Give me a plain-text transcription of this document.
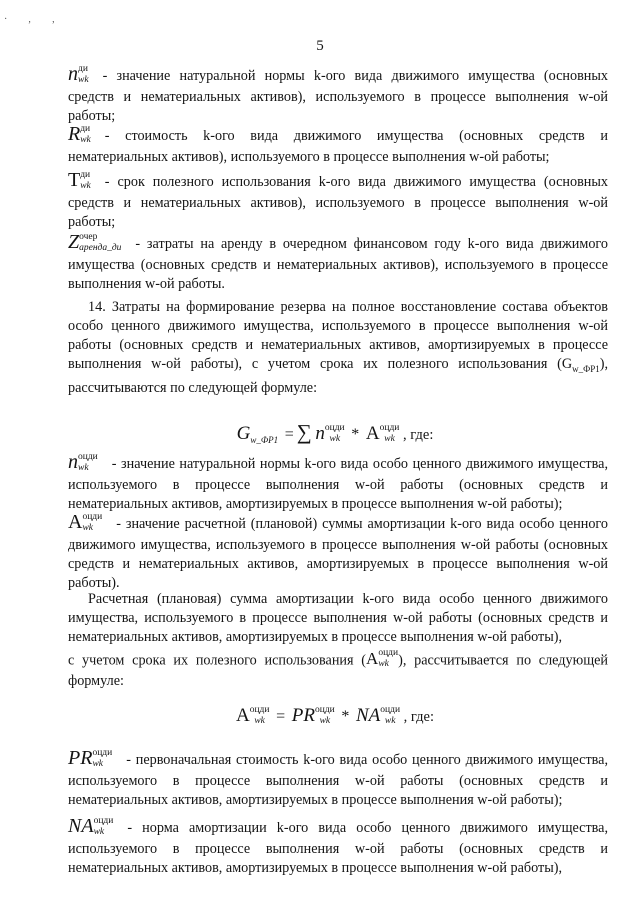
· ‚ ‚
5
n ди
wk - значение натуральной нормы k-ого вида движимого имущества (основных средств и нематериальных активов), используемого в процессе выполнения w-ой работы;
R ди
wk - стоимость k-ого вида движимого имущества (основных средств и нематериальных активов), используемого в процессе выполнения w-ой работы;
T ди
wk - срок полезного использования k-ого вида движимого имущества (основных средств и нематериальных активов), используемого в процессе выполнения w-ой работы;
Z очер
аренда_ди - затраты на аренду в очередном финансовом году k-ого вида движимого имущества (основных средств и нематериальных активов), используемого в процессе выполнения w-ой работы.
14. Затраты на формирование резерва на полное восстановление состава объектов особо ценного движимого имущества, используемого в процессе выполнения w-ой работы (основных средств и нематериальных активов, амортизируемых в процессе выполнения w-ой работы), с учетом срока их полезного использования $(G_{w\_ФР1})$, рассчитываются по следующей формуле:
$G_{w\_ФР1}$ = ∑ n оцди
wk * A оцди
wk , где:
n оцди
wk	- значение натуральной нормы k-ого вида особо ценного движимого имущества, используемого в процессе выполнения w-ой работы (основных средств и нематериальных активов, амортизируемых в процессе выполнения w-ой работы);
A оцди
wk	- значение расчетной (плановой) суммы амортизации k-ого вида особо ценного движимого имущества, используемого в процессе выполнения w-ой работы (основных средств и нематериальных активов, амортизируемых в процессе выполнения w-ой работы).
Расчетная (плановая) сумма амортизации k-ого вида особо ценного движимого имущества, используемого в процессе выполнения w-ой работы (основных средств и нематериальных активов, амортизируемых в процессе выполнения w-ой работы),
с учетом срока их полезного использования (A оцди
wk ), рассчитывается по следующей формуле:
A оцди
wk = PR оцди
wk * NA оцди
wk , где:
PR оцди
wk	- первоначальная стоимость k-ого вида особо ценного движимого имущества, используемого в процессе выполнения w-ой работы (основных средств и нематериальных активов, амортизируемых в процессе выполнения w-ой работы);
NA оцди
wk	- норма амортизации k-ого вида особо ценного движимого имущества, используемого в процессе выполнения w-ой работы (основных средств и нематериальных активов, амортизируемых в процессе выполнения w-ой работы),
